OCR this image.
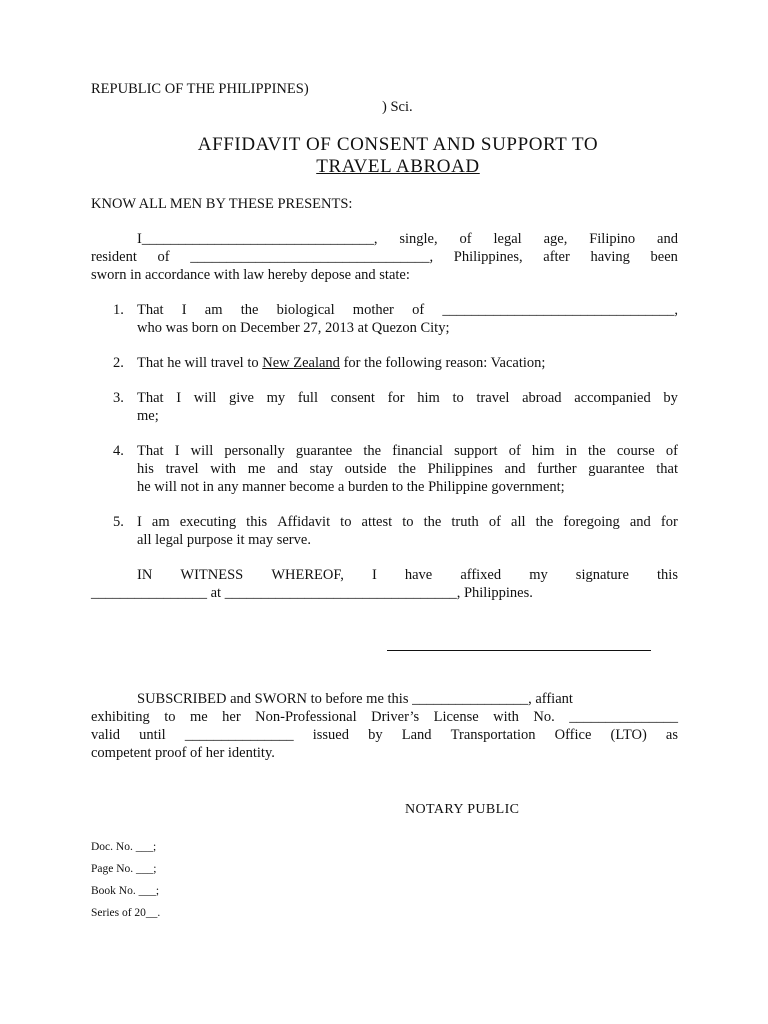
REPUBLIC OF THE PHILIPPINES)
) Sci.
AFFIDAVIT OF CONSENT AND SUPPORT TO
TRAVEL ABROAD
KNOW ALL MEN BY THESE PRESENTS:
I________________________________, single, of legal age, Filipino and
resident of _________________________________, Philippines, after having been
sworn in accordance with law hereby depose and state:
1. That I am the biological mother of ________________________________,
who was born on December 27, 2013 at Quezon City;
2. That he will travel to New Zealand for the following reason: Vacation;
3. That I will give my full consent for him to travel abroad accompanied by
me;
4. That I will personally guarantee the financial support of him in the course of
his travel with me and stay outside the Philippines and further guarantee that
he will not in any manner become a burden to the Philippine government;
5. I am executing this Affidavit to attest to the truth of all the foregoing and for
all legal purpose it may serve.
IN WITNESS WHEREOF, I have affixed my signature this
________________ at ________________________________, Philippines.
SUBSCRIBED and SWORN to before me this ________________, affiant
exhibiting to me her Non-Professional Driver’s License with No. _______________
valid until _______________ issued by Land Transportation Office (LTO) as
competent proof of her identity.
NOTARY PUBLIC
Doc. No. ___;
Page No. ___;
Book No. ___;
Series of 20__.
